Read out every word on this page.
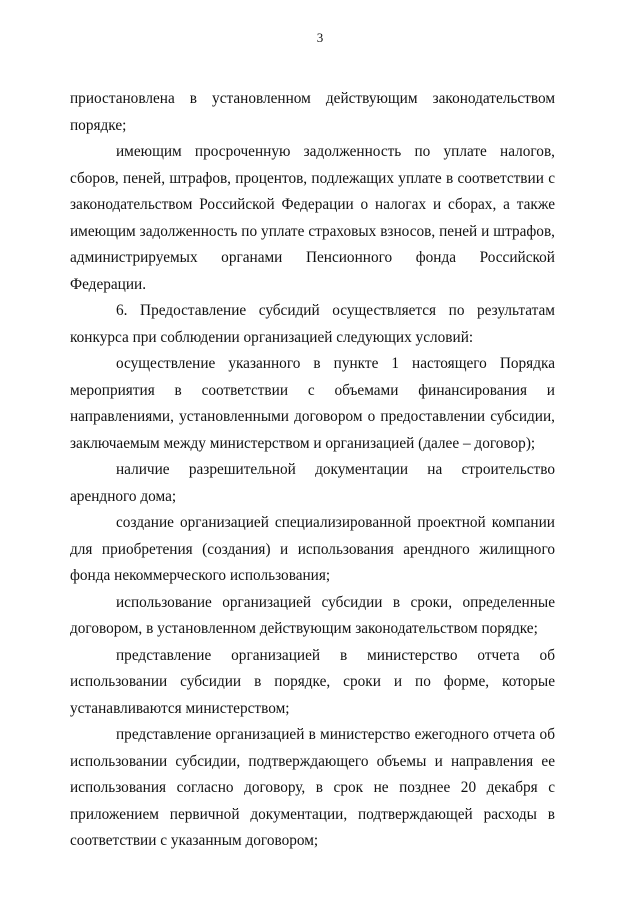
3

приостановлена в установленном действующим законодательством порядке;

имеющим просроченную задолженность по уплате налогов, сборов, пеней, штрафов, процентов, подлежащих уплате в соответствии с законодательством Российской Федерации о налогах и сборах, а также имеющим задолженность по уплате страховых взносов, пеней и штрафов, администрируемых органами Пенсионного фонда Российской Федерации.

6. Предоставление субсидий осуществляется по результатам конкурса при соблюдении организацией следующих условий:

осуществление указанного в пункте 1 настоящего Порядка мероприятия в соответствии с объемами финансирования и направлениями, установленными договором о предоставлении субсидии, заключаемым между министерством и организацией (далее – договор);

наличие разрешительной документации на строительство арендного дома;

создание организацией специализированной проектной компании для приобретения (создания) и использования арендного жилищного фонда некоммерческого использования;

использование организацией субсидии в сроки, определенные договором, в установленном действующим законодательством порядке;

представление организацией в министерство отчета об использовании субсидии в порядке, сроки и по форме, которые устанавливаются министерством;

представление организацией в министерство ежегодного отчета об использовании субсидии, подтверждающего объемы и направления ее использования согласно договору, в срок не позднее 20 декабря с приложением первичной документации, подтверждающей расходы в соответствии с указанным договором;
